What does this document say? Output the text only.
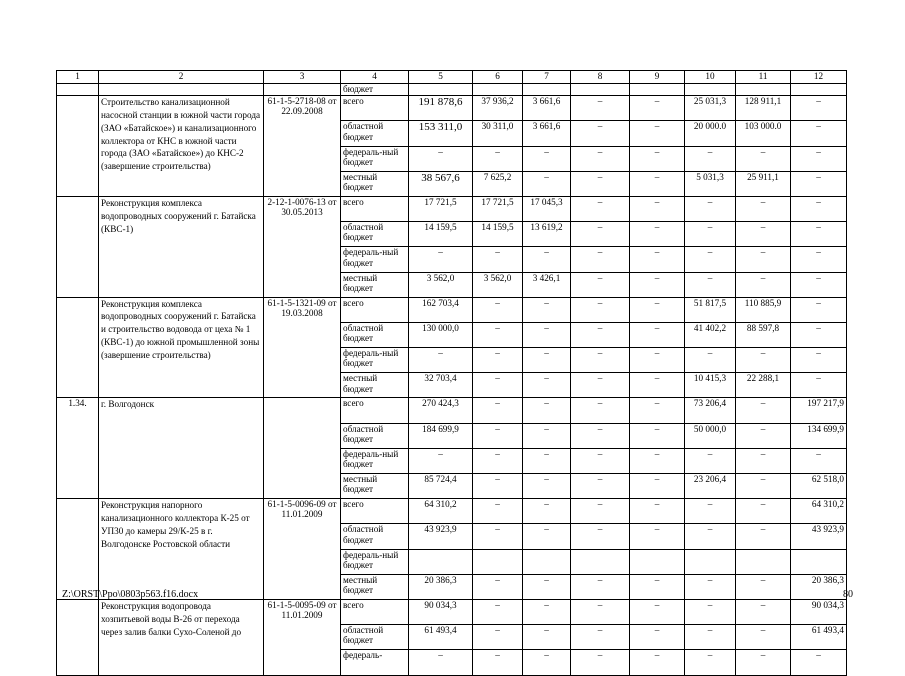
1	2	3	4	5	6	7	8	9	10	11	12
			бюджет								
	Строительство канализационной насосной станции в южной части города (ЗАО «Батайское») и канализационного коллектора от КНС в южной части города (ЗАО «Батайское») до КНС-2 (завершение строительства)	61-1-5-2718-08 от 22.09.2008	всего	191 878,6	37 936,2	3 661,6	–	–	25 031,3	128 911,1	–

			областной бюджет	153 311,0	30 311,0	3 661,6	–	–	20 000.0	103 000.0	–

			федераль-ный бюджет	–	–	–	–	–	–	–	–

			местный бюджет	38 567,6	7 625,2	–	–	–	5 031,3	25 911,1	–

	Реконструкция комплекса водопроводных сооружений г. Батайска (КВС-1)	2-12-1-0076-13 от 30.05.2013	всего	17 721,5	17 721,5	17 045,3	–	–	–	–	–

			областной бюджет	14 159,5	14 159,5	13 619,2	–	–	–	–	–

			федераль-ный бюджет	–	–	–	–	–	–	–	–

			местный бюджет	3 562,0	3 562,0	3 426,1	–	–	–	–	–

	Реконструкция комплекса водопроводных сооружений г. Батайска и строительство водовода от цеха № 1 (КВС-1) до южной промышленной зоны (завершение строительства)	61-1-5-1321-09 от 19.03.2008	всего	162 703,4	–	–	–	–	51 817,5	110 885,9	–

			областной бюджет	130 000,0	–	–	–	–	41 402,2	88 597,8	–

			федераль-ный бюджет	–	–	–	–	–	–	–	–

			местный бюджет	32 703,4	–	–	–	–	10 415,3	22 288,1	–

1.34.	г. Волгодонск		всего	270 424,3	–	–	–	–	73 206,4	–	197 217,9

			областной бюджет	184 699,9	–	–	–	–	50 000,0	–	134 699,9

			федераль-ный бюджет	–	–	–	–	–	–	–	–

			местный бюджет	85 724,4	–	–	–	–	23 206,4	–	62 518,0

	Реконструкция напорного канализационного коллектора К-25 от УП30 до камеры 29/К-25 в г. Волгодонске Ростовской области	61-1-5-0096-09 от 11.01.2009	всего	64 310,2	–	–	–	–	–	–	64 310,2

			областной бюджет	43 923,9	–	–	–	–	–	–	43 923,9

			федераль-ный бюджет								

			местный бюджет	20 386,3	–	–	–	–	–	–	20 386,3

	Реконструкция водопровода хозпитьевой воды В-26 от перехода через залив балки Сухо-Соленой до	61-1-5-0095-09 от 11.01.2009	всего	90 034,3	–	–	–	–	–	–	90 034,3

			областной бюджет	61 493,4	–	–	–	–	–	–	61 493,4

			федераль-	–	–	–	–	–	–	–	–

Z:\ORST\Ppo\0803p563.f16.docx	80
